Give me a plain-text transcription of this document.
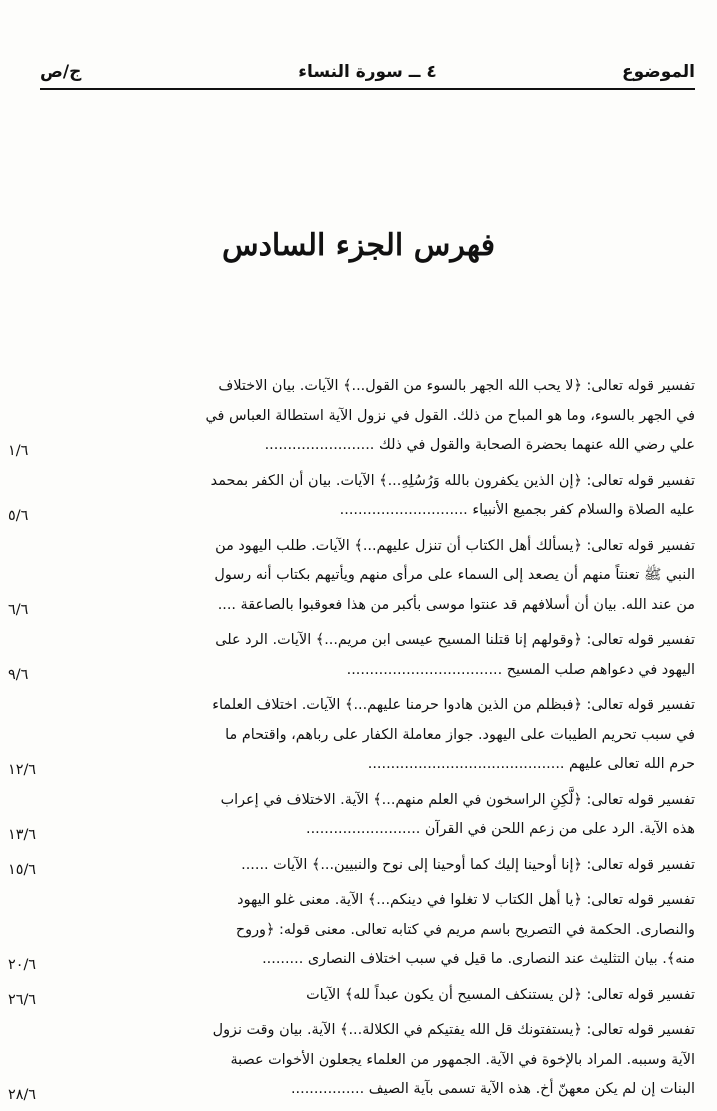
الموضوع
٤ ــ سورة النساء
ج/ص
فهرس الجزء السادس
تفسير قوله تعالى: ﴿لا يحب الله الجهر بالسوء من القول...﴾ الآيات. بيان الاختلاف
في الجهر بالسوء، وما هو المباح من ذلك. القول في نزول الآية استطالة العباس في
علي رضي الله عنهما بحضرة الصحابة والقول في ذلك ........................
١/٦
تفسير قوله تعالى: ﴿إن الذين يكفرون بالله وَرُسُلِهِ...﴾ الآيات. بيان أن الكفر بمحمد
عليه الصلاة والسلام كفر بجميع الأنبياء ............................
٥/٦
تفسير قوله تعالى: ﴿يسألك أهل الكتاب أن تنزل عليهم...﴾ الآيات. طلب اليهود من
النبي ﷺ تعنتاً منهم أن يصعد إلى السماء على مرأى منهم ويأتيهم بكتاب أنه رسول
من عند الله. بيان أن أسلافهم قد عنتوا موسى بأكبر من هذا فعوقبوا بالصاعقة ....
٦/٦
تفسير قوله تعالى: ﴿وقولهم إنا قتلنا المسيح عيسى ابن مريم...﴾ الآيات. الرد على
اليهود في دعواهم صلب المسيح ..................................
٩/٦
تفسير قوله تعالى: ﴿فبظلم من الذين هادوا حرمنا عليهم...﴾ الآيات. اختلاف العلماء
في سبب تحريم الطيبات على اليهود. جواز معاملة الكفار على رباهم، واقتحام ما
حرم الله تعالى عليهم ...........................................
١٢/٦
تفسير قوله تعالى: ﴿لَّكِنِ الراسخون في العلم منهم...﴾ الآية. الاختلاف في إعراب
هذه الآية. الرد على من زعم اللحن في القرآن .........................
١٣/٦
تفسير قوله تعالى: ﴿إنا أوحينا إليك كما أوحينا إلى نوح والنبيين...﴾ الآيات ......
١٥/٦
تفسير قوله تعالى: ﴿يا أهل الكتاب لا تغلوا في دينكم...﴾ الآية. معنى غلو اليهود
والنصارى. الحكمة في التصريح باسم مريم في كتابه تعالى. معنى قوله: ﴿وروح
منه﴾. بيان التثليث عند النصارى. ما قيل في سبب اختلاف النصارى .........
٢٠/٦
تفسير قوله تعالى: ﴿لن يستنكف المسيح أن يكون عبداً لله﴾ الآيات
٢٦/٦
تفسير قوله تعالى: ﴿يستفتونك قل الله يفتيكم في الكلالة...﴾ الآية. بيان وقت نزول
الآية وسببه. المراد بالإخوة في الآية. الجمهور من العلماء يجعلون الأخوات عصبة
البنات إن لم يكن معهنّ أخ. هذه الآية تسمى بآية الصيف ................
٢٨/٦
